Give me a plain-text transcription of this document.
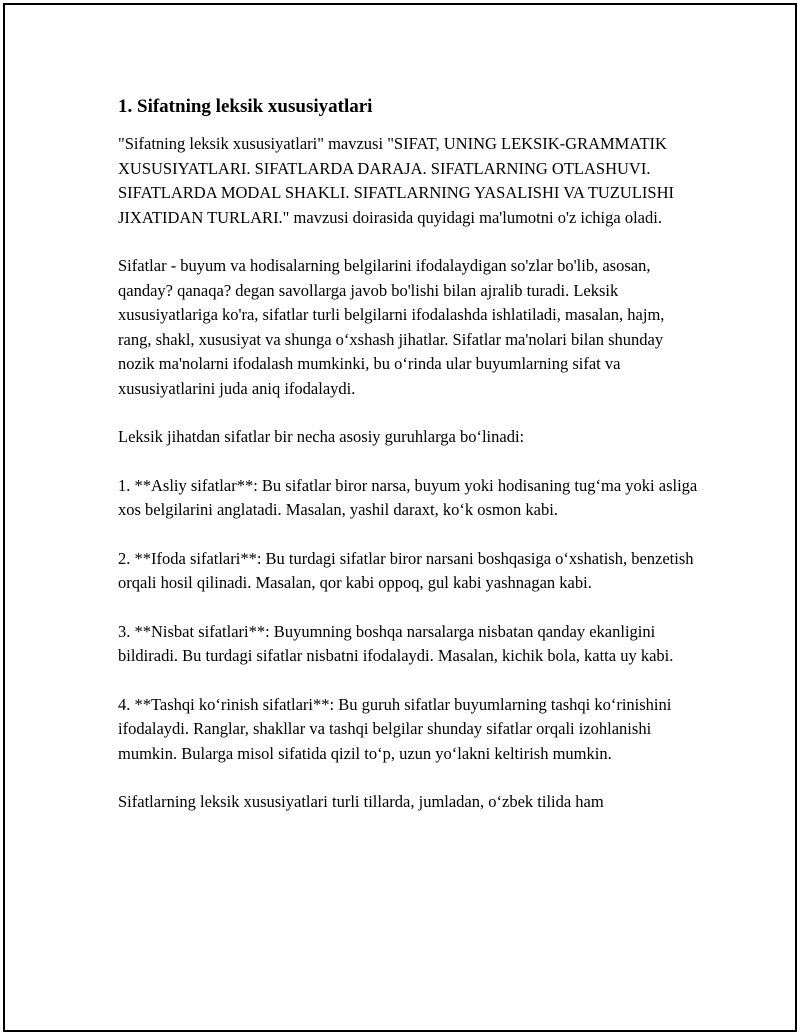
1. Sifatning leksik xususiyatlari

"Sifatning leksik xususiyatlari" mavzusi "SIFAT, UNING LEKSIK-GRAMMATIK XUSUSIYATLARI. SIFATLARDA DARAJA. SIFATLARNING OTLASHUVI. SIFATLARDA MODAL SHAKLI. SIFATLARNING YASALISHI VA TUZULISHI JIXATIDAN TURLARI." mavzusi doirasida quyidagi ma'lumotni o'z ichiga oladi.

Sifatlar - buyum va hodisalarning belgilarini ifodalaydigan so'zlar bo'lib, asosan, qanday? qanaqa? degan savollarga javob bo'lishi bilan ajralib turadi. Leksik xususiyatlariga ko'ra, sifatlar turli belgilarni ifodalashda ishlatiladi, masalan, hajm, rang, shakl, xususiyat va shunga o‘xshash jihatlar. Sifatlar ma'nolari bilan shunday nozik ma'nolarni ifodalash mumkinki, bu o‘rinda ular buyumlarning sifat va xususiyatlarini juda aniq ifodalaydi.

Leksik jihatdan sifatlar bir necha asosiy guruhlarga bo‘linadi:

1. **Asliy sifatlar**: Bu sifatlar biror narsa, buyum yoki hodisaning tug‘ma yoki asliga xos belgilarini anglatadi. Masalan, yashil daraxt, ko‘k osmon kabi.

2. **Ifoda sifatlari**: Bu turdagi sifatlar biror narsani boshqasiga o‘xshatish, benzetish orqali hosil qilinadi. Masalan, qor kabi oppoq, gul kabi yashnagan kabi.

3. **Nisbat sifatlari**: Buyumning boshqa narsalarga nisbatan qanday ekanligini bildiradi. Bu turdagi sifatlar nisbatni ifodalaydi. Masalan, kichik bola, katta uy kabi.

4. **Tashqi ko‘rinish sifatlari**: Bu guruh sifatlar buyumlarning tashqi ko‘rinishini ifodalaydi. Ranglar, shakllar va tashqi belgilar shunday sifatlar orqali izohlanishi mumkin. Bularga misol sifatida qizil to‘p, uzun yo‘lakni keltirish mumkin.

Sifatlarning leksik xususiyatlari turli tillarda, jumladan, o‘zbek tilida ham
